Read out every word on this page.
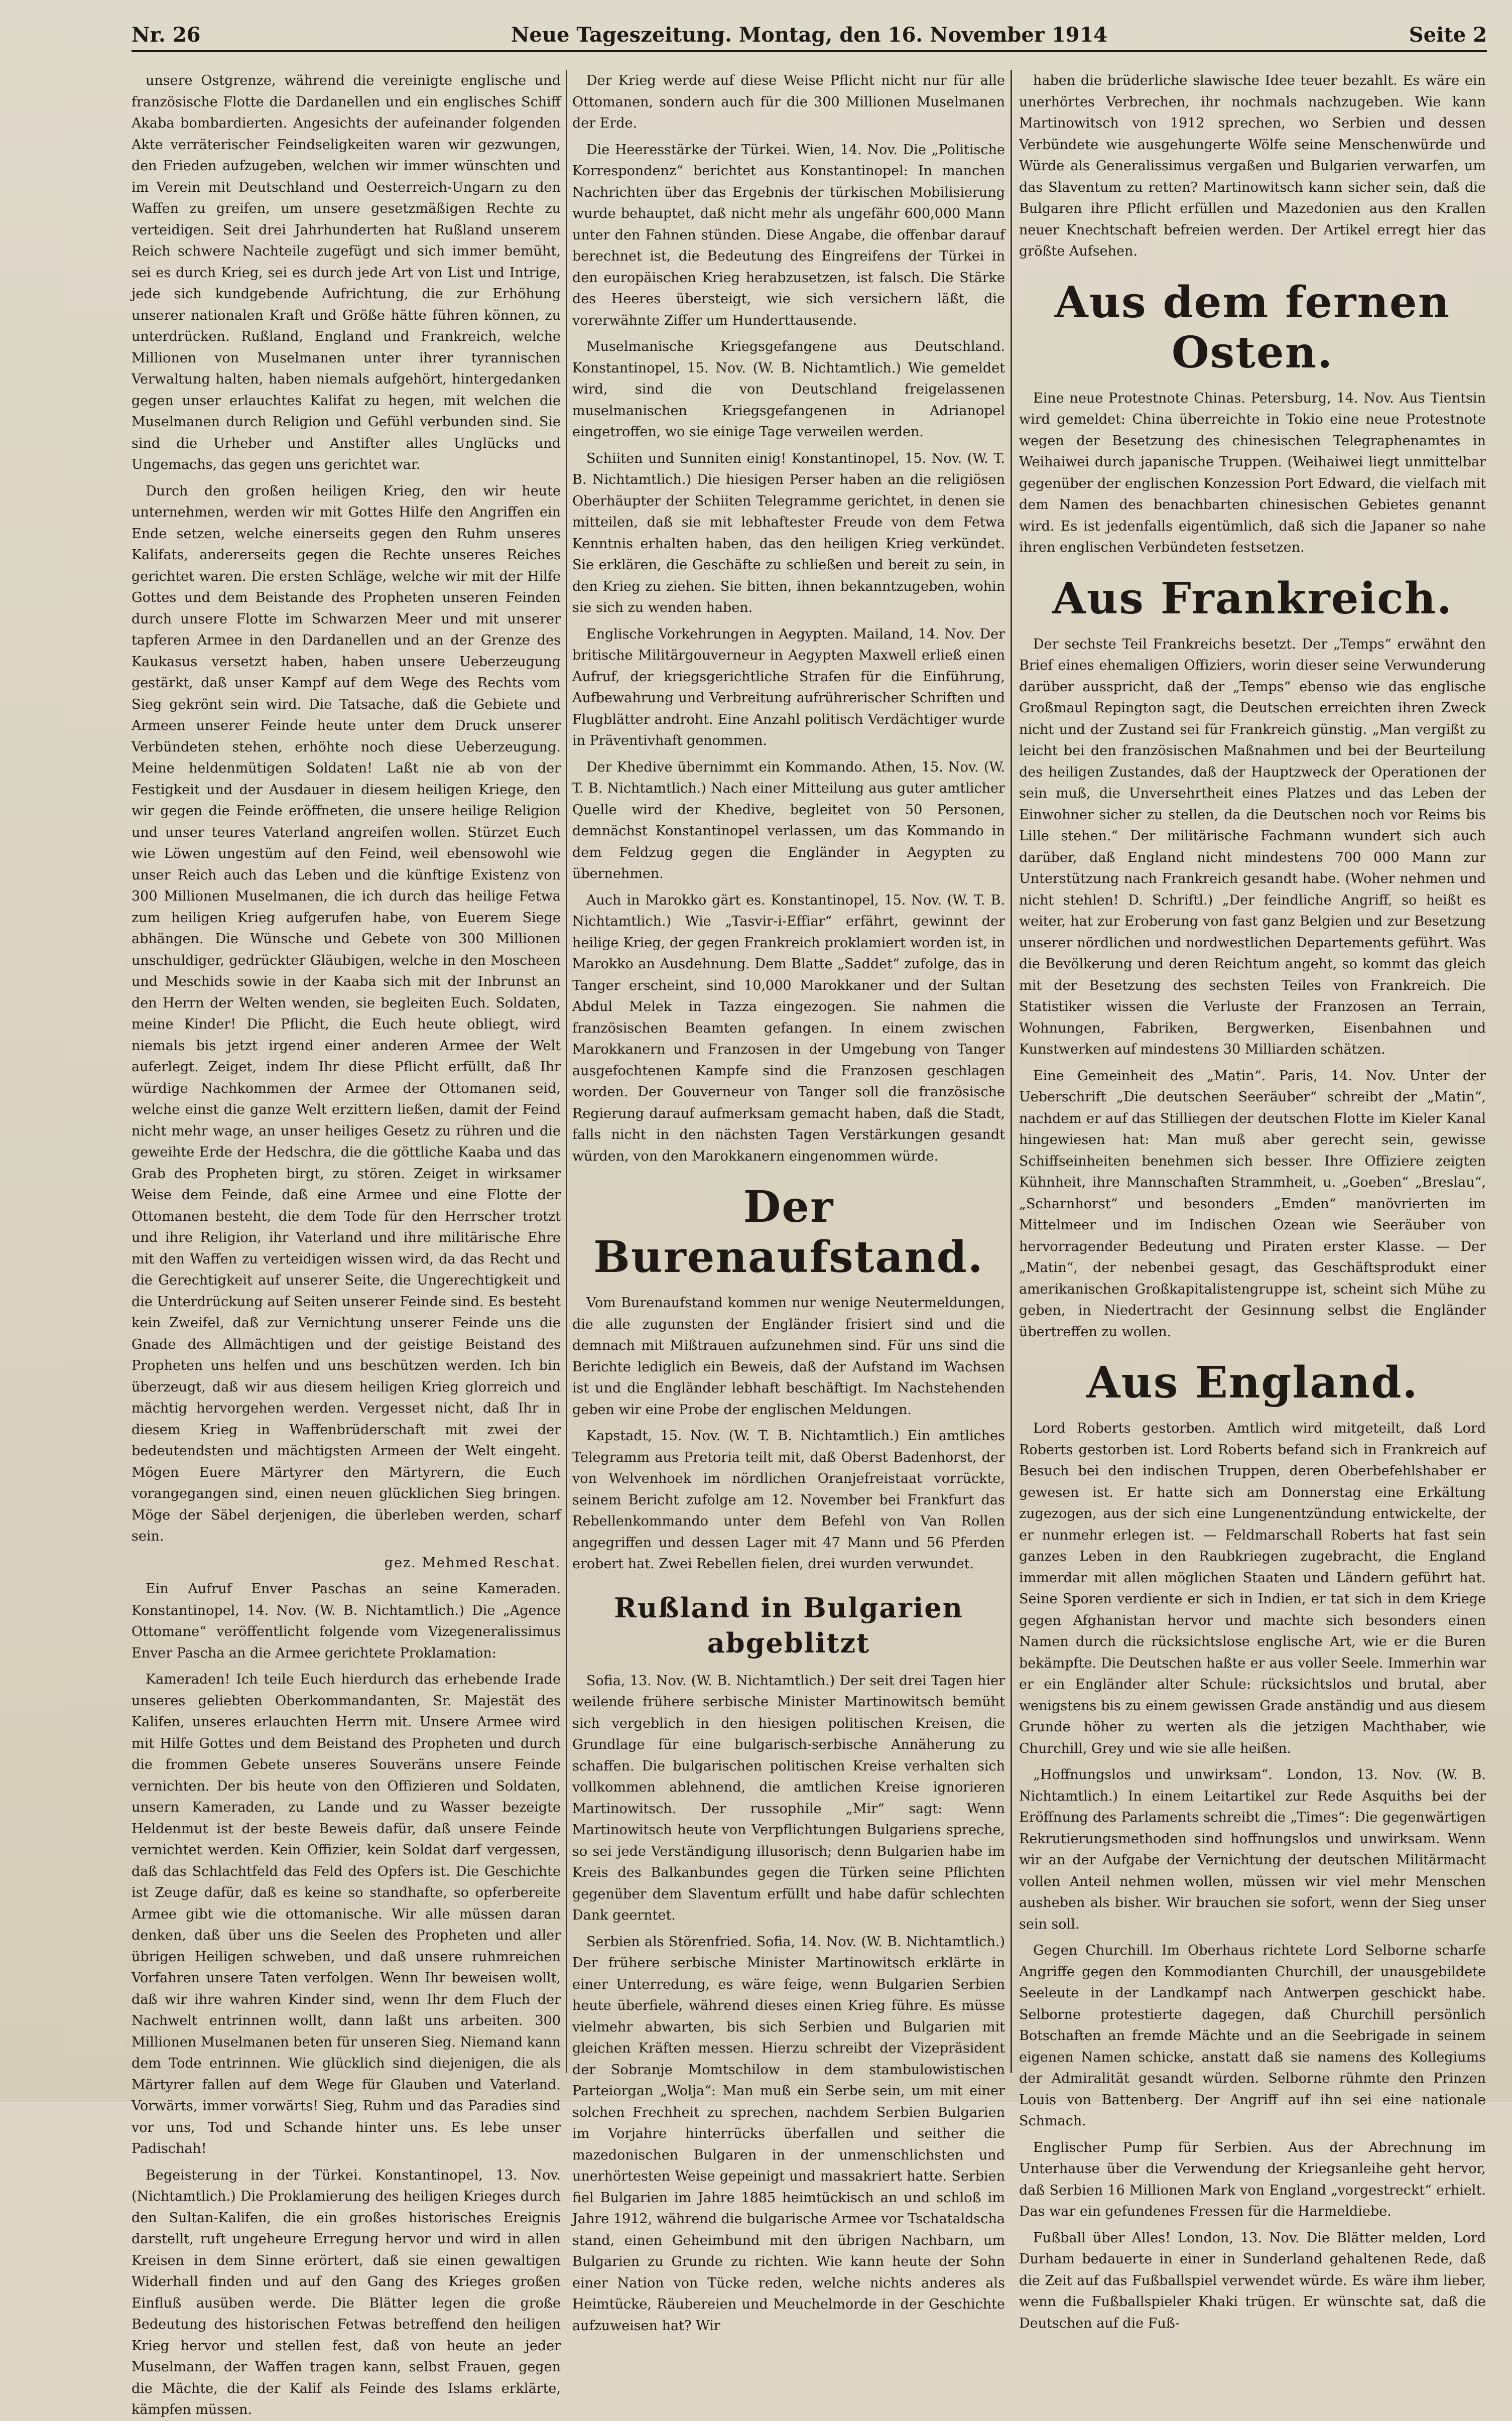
Nr. 26	Neue Tageszeitung. Montag, den 16. November 1914	Seite 2

unsere Ostgrenze, während die vereinigte englische und französische Flotte die Dardanellen und ein englisches Schiff Akaba bombardierten. Angesichts der aufeinander folgenden Akte verräterischer Feindseligkeiten waren wir gezwungen, den Frieden aufzugeben, welchen wir immer wünschten und im Verein mit Deutschland und Oesterreich-Ungarn zu den Waffen zu greifen, um unsere gesetzmäßigen Rechte zu verteidigen. Seit drei Jahrhunderten hat Rußland unserem Reich schwere Nachteile zugefügt und sich immer bemüht, sei es durch Krieg, sei es durch jede Art von List und Intrige, jede sich kundgebende Aufrichtung, die zur Erhöhung unserer nationalen Kraft und Größe hätte führen können, zu unterdrücken. Rußland, England und Frankreich, welche Millionen von Muselmanen unter ihrer tyrannischen Verwaltung halten, haben niemals aufgehört, hintergedanken gegen unser erlauchtes Kalifat zu hegen, mit welchen die Muselmanen durch Religion und Gefühl verbunden sind. Sie sind die Urheber und Anstifter alles Unglücks und Ungemachs, das gegen uns gerichtet war.

Durch den großen heiligen Krieg, den wir heute unternehmen, werden wir mit Gottes Hilfe den Angriffen ein Ende setzen, welche einerseits gegen den Ruhm unseres Kalifats, andererseits gegen die Rechte unseres Reiches gerichtet waren. Die ersten Schläge, welche wir mit der Hilfe Gottes und dem Beistande des Propheten unseren Feinden durch unsere Flotte im Schwarzen Meer und mit unserer tapferen Armee in den Dardanellen und an der Grenze des Kaukasus versetzt haben, haben unsere Ueberzeugung gestärkt, daß unser Kampf auf dem Wege des Rechts vom Sieg gekrönt sein wird. Die Tatsache, daß die Gebiete und Armeen unserer Feinde heute unter dem Druck unserer Verbündeten stehen, erhöhte noch diese Ueberzeugung. Meine heldenmütigen Soldaten! Laßt nie ab von der Festigkeit und der Ausdauer in diesem heiligen Kriege, den wir gegen die Feinde eröffneten, die unsere heilige Religion und unser teures Vaterland angreifen wollen. Stürzet Euch wie Löwen ungestüm auf den Feind, weil ebensowohl wie unser Reich auch das Leben und die künftige Existenz von 300 Millionen Muselmanen, die ich durch das heilige Fetwa zum heiligen Krieg aufgerufen habe, von Euerem Siege abhängen. Die Wünsche und Gebete von 300 Millionen unschuldiger, gedrückter Gläubigen, welche in den Moscheen und Meschids sowie in der Kaaba sich mit der Inbrunst an den Herrn der Welten wenden, sie begleiten Euch. Soldaten, meine Kinder! Die Pflicht, die Euch heute obliegt, wird niemals bis jetzt irgend einer anderen Armee der Welt auferlegt. Zeiget, indem Ihr diese Pflicht erfüllt, daß Ihr würdige Nachkommen der Armee der Ottomanen seid, welche einst die ganze Welt erzittern ließen, damit der Feind nicht mehr wage, an unser heiliges Gesetz zu rühren und die geweihte Erde der Hedschra, die die göttliche Kaaba und das Grab des Propheten birgt, zu stören. Zeiget in wirksamer Weise dem Feinde, daß eine Armee und eine Flotte der Ottomanen besteht, die dem Tode für den Herrscher trotzt und ihre Religion, ihr Vaterland und ihre militärische Ehre mit den Waffen zu verteidigen wissen wird, da das Recht und die Gerechtigkeit auf unserer Seite, die Ungerechtigkeit und die Unterdrückung auf Seiten unserer Feinde sind. Es besteht kein Zweifel, daß zur Vernichtung unserer Feinde uns die Gnade des Allmächtigen und der geistige Beistand des Propheten uns helfen und uns beschützen werden. Ich bin überzeugt, daß wir aus diesem heiligen Krieg glorreich und mächtig hervorgehen werden. Vergesset nicht, daß Ihr in diesem Krieg in Waffenbrüderschaft mit zwei der bedeutendsten und mächtigsten Armeen der Welt eingeht. Mögen Euere Märtyrer den Märtyrern, die Euch vorangegangen sind, einen neuen glücklichen Sieg bringen. Möge der Säbel derjenigen, die überleben werden, scharf sein.

gez. Mehmed Reschat.

Ein Aufruf Enver Paschas an seine Kameraden. Konstantinopel, 14. Nov. (W. B. Nichtamtlich.) Die „Agence Ottomane“ veröffentlicht folgende vom Vizegeneralissimus Enver Pascha an die Armee gerichtete Proklamation:

Kameraden! Ich teile Euch hierdurch das erhebende Irade unseres geliebten Oberkommandanten, Sr. Majestät des Kalifen, unseres erlauchten Herrn mit. Unsere Armee wird mit Hilfe Gottes und dem Beistand des Propheten und durch die frommen Gebete unseres Souveräns unsere Feinde vernichten. Der bis heute von den Offizieren und Soldaten, unsern Kameraden, zu Lande und zu Wasser bezeigte Heldenmut ist der beste Beweis dafür, daß unsere Feinde vernichtet werden. Kein Offizier, kein Soldat darf vergessen, daß das Schlachtfeld das Feld des Opfers ist. Die Geschichte ist Zeuge dafür, daß es keine so standhafte, so opferbereite Armee gibt wie die ottomanische. Wir alle müssen daran denken, daß über uns die Seelen des Propheten und aller übrigen Heiligen schweben, und daß unsere ruhmreichen Vorfahren unsere Taten verfolgen. Wenn Ihr beweisen wollt, daß wir ihre wahren Kinder sind, wenn Ihr dem Fluch der Nachwelt entrinnen wollt, dann laßt uns arbeiten. 300 Millionen Muselmanen beten für unseren Sieg. Niemand kann dem Tode entrinnen. Wie glücklich sind diejenigen, die als Märtyrer fallen auf dem Wege für Glauben und Vaterland. Vorwärts, immer vorwärts! Sieg, Ruhm und das Paradies sind vor uns, Tod und Schande hinter uns. Es lebe unser Padischah!

Begeisterung in der Türkei. Konstantinopel, 13. Nov. (Nichtamtlich.) Die Proklamierung des heiligen Krieges durch den Sultan-Kalifen, die ein großes historisches Ereignis darstellt, ruft ungeheure Erregung hervor und wird in allen Kreisen in dem Sinne erörtert, daß sie einen gewaltigen Widerhall finden und auf den Gang des Krieges großen Einfluß ausüben werde. Die Blätter legen die große Bedeutung des historischen Fetwas betreffend den heiligen Krieg hervor und stellen fest, daß von heute an jeder Muselmann, der Waffen tragen kann, selbst Frauen, gegen die Mächte, die der Kalif als Feinde des Islams erklärte, kämpfen müssen.

Der Krieg werde auf diese Weise Pflicht nicht nur für alle Ottomanen, sondern auch für die 300 Millionen Muselmanen der Erde.

Die Heeresstärke der Türkei. Wien, 14. Nov. Die „Politische Korrespondenz“ berichtet aus Konstantinopel: In manchen Nachrichten über das Ergebnis der türkischen Mobilisierung wurde behauptet, daß nicht mehr als ungefähr 600,000 Mann unter den Fahnen stünden. Diese Angabe, die offenbar darauf berechnet ist, die Bedeutung des Eingreifens der Türkei in den europäischen Krieg herabzusetzen, ist falsch. Die Stärke des Heeres übersteigt, wie sich versichern läßt, die vorerwähnte Ziffer um Hunderttausende.

Muselmanische Kriegsgefangene aus Deutschland. Konstantinopel, 15. Nov. (W. B. Nichtamtlich.) Wie gemeldet wird, sind die von Deutschland freigelassenen muselmanischen Kriegsgefangenen in Adrianopel eingetroffen, wo sie einige Tage verweilen werden.

Schiiten und Sunniten einig! Konstantinopel, 15. Nov. (W. T. B. Nichtamtlich.) Die hiesigen Perser haben an die religiösen Oberhäupter der Schiiten Telegramme gerichtet, in denen sie mitteilen, daß sie mit lebhaftester Freude von dem Fetwa Kenntnis erhalten haben, das den heiligen Krieg verkündet. Sie erklären, die Geschäfte zu schließen und bereit zu sein, in den Krieg zu ziehen. Sie bitten, ihnen bekanntzugeben, wohin sie sich zu wenden haben.

Englische Vorkehrungen in Aegypten. Mailand, 14. Nov. Der britische Militärgouverneur in Aegypten Maxwell erließ einen Aufruf, der kriegsgerichtliche Strafen für die Einführung, Aufbewahrung und Verbreitung aufrührerischer Schriften und Flugblätter androht. Eine Anzahl politisch Verdächtiger wurde in Präventivhaft genommen.

Der Khedive übernimmt ein Kommando. Athen, 15. Nov. (W. T. B. Nichtamtlich.) Nach einer Mitteilung aus guter amtlicher Quelle wird der Khedive, begleitet von 50 Personen, demnächst Konstantinopel verlassen, um das Kommando in dem Feldzug gegen die Engländer in Aegypten zu übernehmen.

Auch in Marokko gärt es. Konstantinopel, 15. Nov. (W. T. B. Nichtamtlich.) Wie „Tasvir-i-Effiar“ erfährt, gewinnt der heilige Krieg, der gegen Frankreich proklamiert worden ist, in Marokko an Ausdehnung. Dem Blatte „Saddet“ zufolge, das in Tanger erscheint, sind 10,000 Marokkaner und der Sultan Abdul Melek in Tazza eingezogen. Sie nahmen die französischen Beamten gefangen. In einem zwischen Marokkanern und Franzosen in der Umgebung von Tanger ausgefochtenen Kampfe sind die Franzosen geschlagen worden. Der Gouverneur von Tanger soll die französische Regierung darauf aufmerksam gemacht haben, daß die Stadt, falls nicht in den nächsten Tagen Verstärkungen gesandt würden, von den Marokkanern eingenommen würde.

Der Burenaufstand.

Vom Burenaufstand kommen nur wenige Neutermeldungen, die alle zugunsten der Engländer frisiert sind und die demnach mit Mißtrauen aufzunehmen sind. Für uns sind die Berichte lediglich ein Beweis, daß der Aufstand im Wachsen ist und die Engländer lebhaft beschäftigt. Im Nachstehenden geben wir eine Probe der englischen Meldungen.

Kapstadt, 15. Nov. (W. T. B. Nichtamtlich.) Ein amtliches Telegramm aus Pretoria teilt mit, daß Oberst Badenhorst, der von Welvenhoek im nördlichen Oranjefreistaat vorrückte, seinem Bericht zufolge am 12. November bei Frankfurt das Rebellenkommando unter dem Befehl von Van Rollen angegriffen und dessen Lager mit 47 Mann und 56 Pferden erobert hat. Zwei Rebellen fielen, drei wurden verwundet.

Rußland in Bulgarien abgeblitzt

Sofia, 13. Nov. (W. B. Nichtamtlich.) Der seit drei Tagen hier weilende frühere serbische Minister Martinowitsch bemüht sich vergeblich in den hiesigen politischen Kreisen, die Grundlage für eine bulgarisch-serbische Annäherung zu schaffen. Die bulgarischen politischen Kreise verhalten sich vollkommen ablehnend, die amtlichen Kreise ignorieren Martinowitsch. Der russophile „Mir“ sagt: Wenn Martinowitsch heute von Verpflichtungen Bulgariens spreche, so sei jede Verständigung illusorisch; denn Bulgarien habe im Kreis des Balkanbundes gegen die Türken seine Pflichten gegenüber dem Slaventum erfüllt und habe dafür schlechten Dank geerntet.

Serbien als Störenfried. Sofia, 14. Nov. (W. B. Nichtamtlich.) Der frühere serbische Minister Martinowitsch erklärte in einer Unterredung, es wäre feige, wenn Bulgarien Serbien heute überfiele, während dieses einen Krieg führe. Es müsse vielmehr abwarten, bis sich Serbien und Bulgarien mit gleichen Kräften messen. Hierzu schreibt der Vizepräsident der Sobranje Momtschilow in dem stambulowistischen Parteiorgan „Wolja“: Man muß ein Serbe sein, um mit einer solchen Frechheit zu sprechen, nachdem Serbien Bulgarien im Vorjahre hinterrücks überfallen und seither die mazedonischen Bulgaren in der unmenschlichsten und unerhörtesten Weise gepeinigt und massakriert hatte. Serbien fiel Bulgarien im Jahre 1885 heimtückisch an und schloß im Jahre 1912, während die bulgarische Armee vor Tschataldscha stand, einen Geheimbund mit den übrigen Nachbarn, um Bulgarien zu Grunde zu richten. Wie kann heute der Sohn einer Nation von Tücke reden, welche nichts anderes als Heimtücke, Räubereien und Meuchelmorde in der Geschichte aufzuweisen hat? Wir

haben die brüderliche slawische Idee teuer bezahlt. Es wäre ein unerhörtes Verbrechen, ihr nochmals nachzugeben. Wie kann Martinowitsch von 1912 sprechen, wo Serbien und dessen Verbündete wie ausgehungerte Wölfe seine Menschenwürde und Würde als Generalissimus vergaßen und Bulgarien verwarfen, um das Slaventum zu retten? Martinowitsch kann sicher sein, daß die Bulgaren ihre Pflicht erfüllen und Mazedonien aus den Krallen neuer Knechtschaft befreien werden. Der Artikel erregt hier das größte Aufsehen.

Aus dem fernen Osten.

Eine neue Protestnote Chinas. Petersburg, 14. Nov. Aus Tientsin wird gemeldet: China überreichte in Tokio eine neue Protestnote wegen der Besetzung des chinesischen Telegraphenamtes in Weihaiwei durch japanische Truppen. (Weihaiwei liegt unmittelbar gegenüber der englischen Konzession Port Edward, die vielfach mit dem Namen des benachbarten chinesischen Gebietes genannt wird. Es ist jedenfalls eigentümlich, daß sich die Japaner so nahe ihren englischen Verbündeten festsetzen.

Aus Frankreich.

Der sechste Teil Frankreichs besetzt. Der „Temps“ erwähnt den Brief eines ehemaligen Offiziers, worin dieser seine Verwunderung darüber ausspricht, daß der „Temps“ ebenso wie das englische Großmaul Repington sagt, die Deutschen erreichten ihren Zweck nicht und der Zustand sei für Frankreich günstig. „Man vergißt zu leicht bei den französischen Maßnahmen und bei der Beurteilung des heiligen Zustandes, daß der Hauptzweck der Operationen der sein muß, die Unversehrtheit eines Platzes und das Leben der Einwohner sicher zu stellen, da die Deutschen noch vor Reims bis Lille stehen.“ Der militärische Fachmann wundert sich auch darüber, daß England nicht mindestens 700 000 Mann zur Unterstützung nach Frankreich gesandt habe. (Woher nehmen und nicht stehlen! D. Schriftl.) „Der feindliche Angriff, so heißt es weiter, hat zur Eroberung von fast ganz Belgien und zur Besetzung unserer nördlichen und nordwestlichen Departements geführt. Was die Bevölkerung und deren Reichtum angeht, so kommt das gleich mit der Besetzung des sechsten Teiles von Frankreich. Die Statistiker wissen die Verluste der Franzosen an Terrain, Wohnungen, Fabriken, Bergwerken, Eisenbahnen und Kunstwerken auf mindestens 30 Milliarden schätzen.

Eine Gemeinheit des „Matin“. Paris, 14. Nov. Unter der Ueberschrift „Die deutschen Seeräuber“ schreibt der „Matin“, nachdem er auf das Stilliegen der deutschen Flotte im Kieler Kanal hingewiesen hat: Man muß aber gerecht sein, gewisse Schiffseinheiten benehmen sich besser. Ihre Offiziere zeigten Kühnheit, ihre Mannschaften Strammheit, u. „Goeben“ „Breslau“, „Scharnhorst“ und besonders „Emden“ manövrierten im Mittelmeer und im Indischen Ozean wie Seeräuber von hervorragender Bedeutung und Piraten erster Klasse. — Der „Matin“, der nebenbei gesagt, das Geschäftsprodukt einer amerikanischen Großkapitalistengruppe ist, scheint sich Mühe zu geben, in Niedertracht der Gesinnung selbst die Engländer übertreffen zu wollen.

Aus England.

Lord Roberts gestorben. Amtlich wird mitgeteilt, daß Lord Roberts gestorben ist. Lord Roberts befand sich in Frankreich auf Besuch bei den indischen Truppen, deren Oberbefehlshaber er gewesen ist. Er hatte sich am Donnerstag eine Erkältung zugezogen, aus der sich eine Lungenentzündung entwickelte, der er nunmehr erlegen ist. — Feldmarschall Roberts hat fast sein ganzes Leben in den Raubkriegen zugebracht, die England immerdar mit allen möglichen Staaten und Ländern geführt hat. Seine Sporen verdiente er sich in Indien, er tat sich in dem Kriege gegen Afghanistan hervor und machte sich besonders einen Namen durch die rücksichtslose englische Art, wie er die Buren bekämpfte. Die Deutschen haßte er aus voller Seele. Immerhin war er ein Engländer alter Schule: rücksichtslos und brutal, aber wenigstens bis zu einem gewissen Grade anständig und aus diesem Grunde höher zu werten als die jetzigen Machthaber, wie Churchill, Grey und wie sie alle heißen.

„Hoffnungslos und unwirksam“. London, 13. Nov. (W. B. Nichtamtlich.) In einem Leitartikel zur Rede Asquiths bei der Eröffnung des Parlaments schreibt die „Times“: Die gegenwärtigen Rekrutierungsmethoden sind hoffnungslos und unwirksam. Wenn wir an der Aufgabe der Vernichtung der deutschen Militärmacht vollen Anteil nehmen wollen, müssen wir viel mehr Menschen ausheben als bisher. Wir brauchen sie sofort, wenn der Sieg unser sein soll.

Gegen Churchill. Im Oberhaus richtete Lord Selborne scharfe Angriffe gegen den Kommodianten Churchill, der unausgebildete Seeleute in der Landkampf nach Antwerpen geschickt habe. Selborne protestierte dagegen, daß Churchill persönlich Botschaften an fremde Mächte und an die Seebrigade in seinem eigenen Namen schicke, anstatt daß sie namens des Kollegiums der Admiralität gesandt würden. Selborne rühmte den Prinzen Louis von Battenberg. Der Angriff auf ihn sei eine nationale Schmach.

Englischer Pump für Serbien. Aus der Abrechnung im Unterhause über die Verwendung der Kriegsanleihe geht hervor, daß Serbien 16 Millionen Mark von England „vorgestreckt“ erhielt. Das war ein gefundenes Fressen für die Harmeldiebe.

Fußball über Alles! London, 13. Nov. Die Blätter melden, Lord Durham bedauerte in einer in Sunderland gehaltenen Rede, daß die Zeit auf das Fußballspiel verwendet würde. Es wäre ihm lieber, wenn die Fußballspieler Khaki trügen. Er wünschte sat, daß die Deutschen auf die Fuß-
